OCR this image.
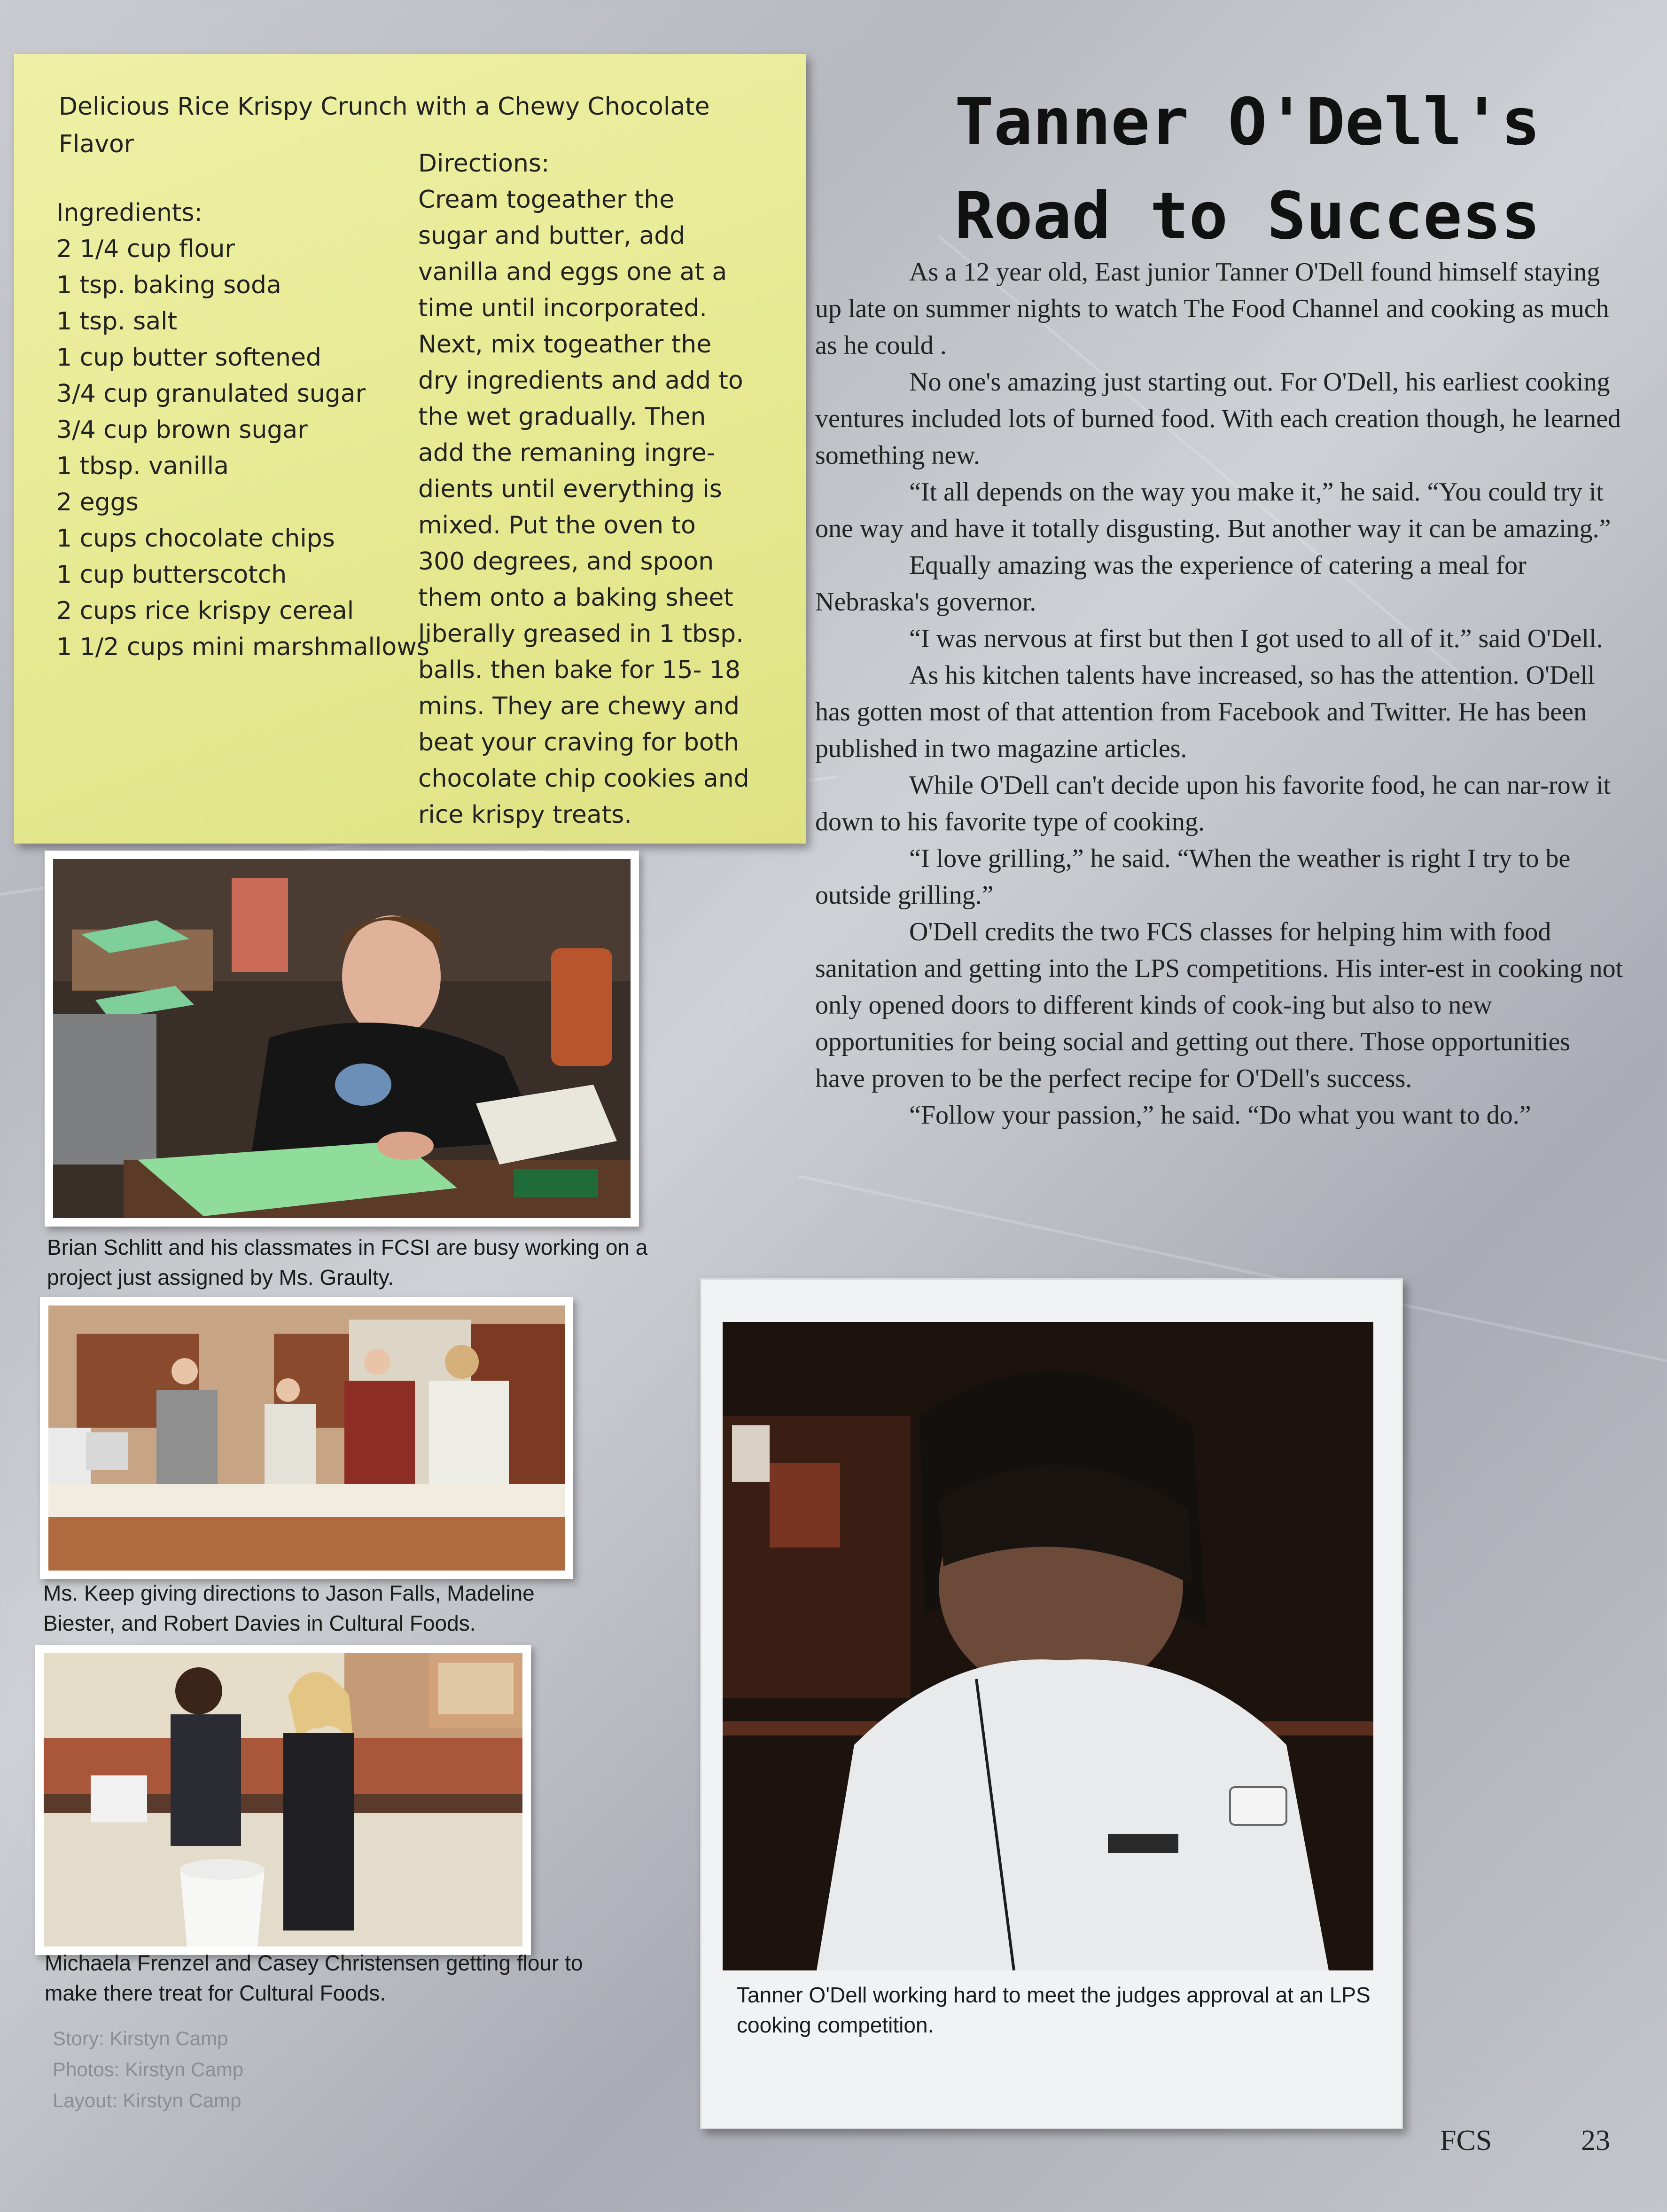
Delicious Rice Krispy Crunch with a Chewy Chocolate Flavor
Ingredients:
2 1/4 cup flour
1 tsp. baking soda
1 tsp. salt
1 cup butter softened
3/4 cup granulated sugar
3/4 cup brown sugar
1 tbsp. vanilla
2 eggs
1 cups chocolate chips
1 cup butterscotch
2 cups rice krispy cereal
1 1/2 cups mini marshmallows
Directions:
Cream togeather the
sugar and butter, add
vanilla and eggs one at a
time until incorporated.
Next, mix togeather the
dry ingredients and add to
the wet gradually. Then
add the remaning ingre-
dients until everything is
mixed. Put the oven to
300 degrees, and spoon
them onto a baking sheet
liberally greased in 1 tbsp.
balls. then bake for 15- 18
mins. They are chewy and
beat your craving for both
chocolate chip cookies and
rice krispy treats.
Tanner O'Dell's
Road to Success

As a 12 year old, East junior Tanner O'Dell found himself staying up late on summer nights to watch The Food Channel and cooking as much as he could .

No one's amazing just starting out. For O'Dell, his earliest cooking ventures included lots of burned food. With each creation though, he learned something new.

“It all depends on the way you make it,” he said. “You could try it one way and have it totally disgusting. But another way it can be amazing.”

Equally amazing was the experience of catering a meal for Nebraska's governor.

“I was nervous at first but then I got used to all of it.” said O'Dell.

As his kitchen talents have increased, so has the attention. O'Dell has gotten most of that attention from Facebook and Twitter. He has been published in two magazine articles.

While O'Dell can't decide upon his favorite food, he can nar-row it down to his favorite type of cooking.

“I love grilling,” he said. “When the weather is right I try to be outside grilling.”

O'Dell credits the two FCS classes for helping him with food sanitation and getting into the LPS competitions. His inter-est in cooking not only opened doors to different kinds of cook-ing but also to new opportunities for being social and getting out there. Those opportunities have proven to be the perfect recipe for O'Dell's success.

“Follow your passion,” he said. “Do what you want to do.”

Brian Schlitt and his classmates in FCSI are busy working on a project just assigned by Ms. Graulty.
Ms. Keep giving directions to Jason Falls, Madeline Biester, and Robert Davies in Cultural Foods.
Michaela Frenzel and Casey Christensen getting flour to make there treat for Cultural Foods.	Tanner O'Dell working hard to meet the judges approval at an LPS cooking competition.
Story: Kirstyn Camp
Photos: Kirstyn Camp
Layout: Kirstyn Camp
FCS	23
